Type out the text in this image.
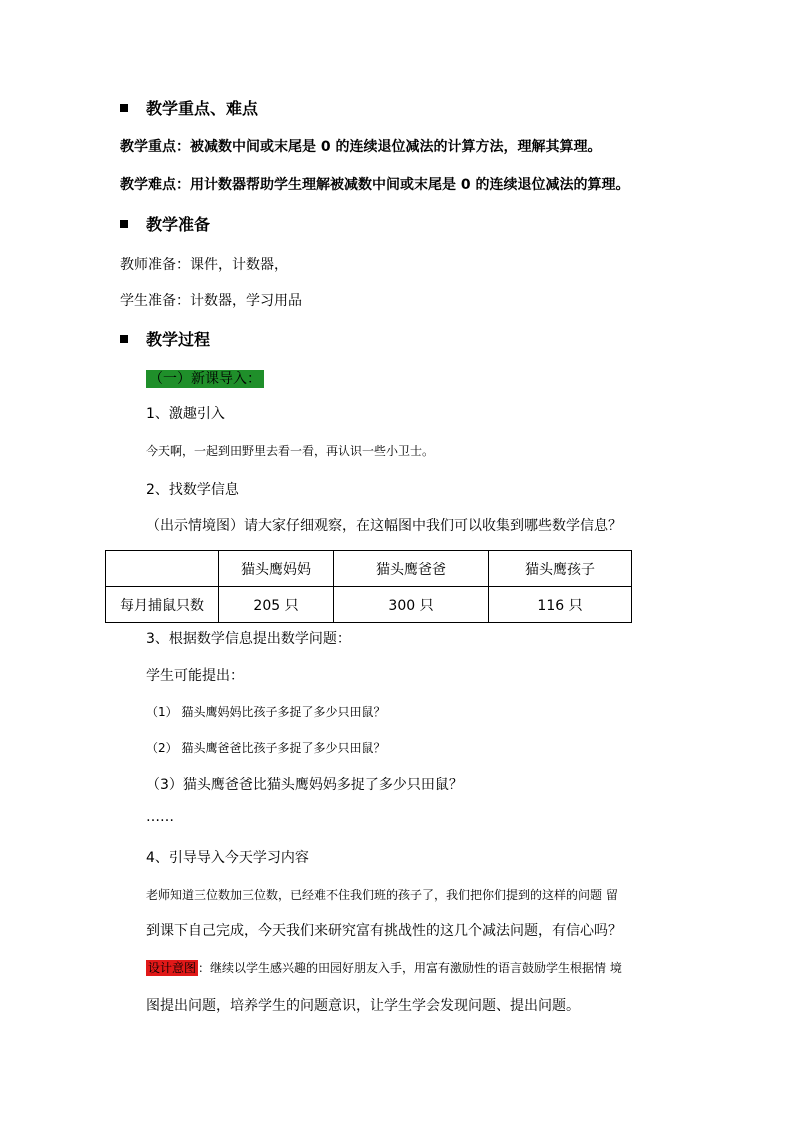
教学重点、难点
教学重点：被减数中间或末尾是 0 的连续退位减法的计算方法，理解其算理。
教学难点：用计数器帮助学生理解被减数中间或末尾是 0 的连续退位减法的算理。
教学准备
教师准备：课件，计数器，
学生准备：计数器，学习用品
教学过程
（一）新课导入：
1、激趣引入
今天啊，一起到田野里去看一看，再认识一些小卫士。
2、找数学信息
（出示情境图）请大家仔细观察，在这幅图中我们可以收集到哪些数学信息？
	猫头鹰妈妈	猫头鹰爸爸	猫头鹰孩子
每月捕鼠只数	205 只	300 只	116 只
3、根据数学信息提出数学问题：
学生可能提出：
（1） 猫头鹰妈妈比孩子多捉了多少只田鼠？
（2） 猫头鹰爸爸比孩子多捉了多少只田鼠？
（3）猫头鹰爸爸比猫头鹰妈妈多捉了多少只田鼠？
……
4、引导导入今天学习内容
老师知道三位数加三位数，已经难不住我们班的孩子了，我们把你们提到的这样的问题 留
到课下自己完成，今天我们来研究富有挑战性的这几个减法问题，有信心吗？
设计意图 ：继续以学生感兴趣的田园好朋友入手，用富有激励性的语言鼓励学生根据情 境
图提出问题，培养学生的问题意识，让学生学会发现问题、提出问题。
